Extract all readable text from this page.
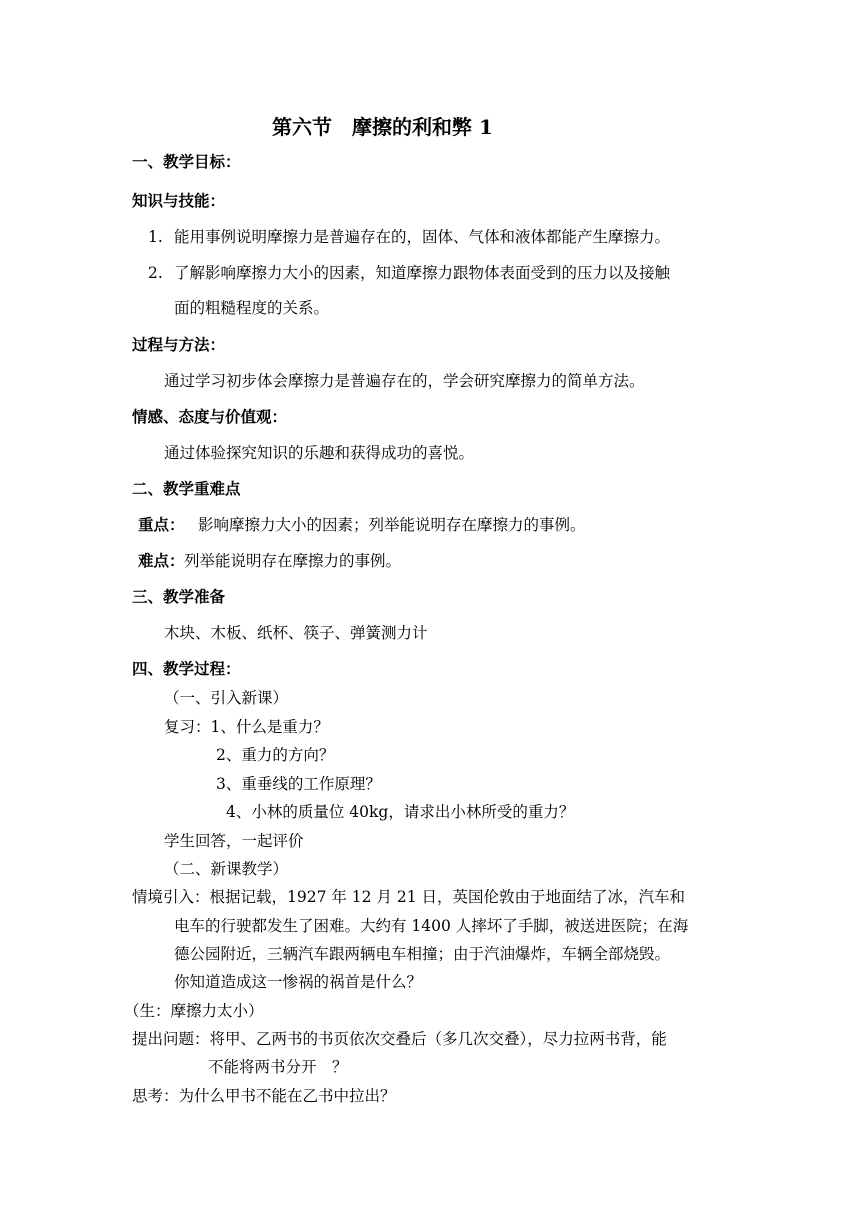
第六节　摩擦的利和弊 1
一、教学目标：
知识与技能：
1. 能用事例说明摩擦力是普遍存在的，固体、气体和液体都能产生摩擦力。
2. 了解影响摩擦力大小的因素，知道摩擦力跟物体表面受到的压力以及接触
面的粗糙程度的关系。
过程与方法：
通过学习初步体会摩擦力是普遍存在的，学会研究摩擦力的简单方法。
情感、态度与价值观：
通过体验探究知识的乐趣和获得成功的喜悦。
二、教学重难点
重点： 影响摩擦力大小的因素；列举能说明存在摩擦力的事例。
难点： 列举能说明存在摩擦力的事例。
三、教学准备
木块、木板、纸杯、筷子、弹簧测力计
四、教学过程：
（一、引入新课）
复习：1、什么是重力？
2、重力的方向？
3、重垂线的工作原理？
4、小林的质量位 40kg，请求出小林所受的重力？
学生回答，一起评价
（二、新课教学）
情境引入：根据记载，1927 年 12 月 21 日，英国伦敦由于地面结了冰，汽车和
电车的行驶都发生了困难。大约有 1400 人摔坏了手脚，被送进医院；在海
德公园附近，三辆汽车跟两辆电车相撞；由于汽油爆炸，车辆全部烧毁。
你知道造成这一惨祸的祸首是什么？
（生：摩擦力太小）
提出问题：将甲、乙两书的书页依次交叠后（多几次交叠），尽力拉两书背，能
不能将两书分开　？
思考：为什么甲书不能在乙书中拉出？
